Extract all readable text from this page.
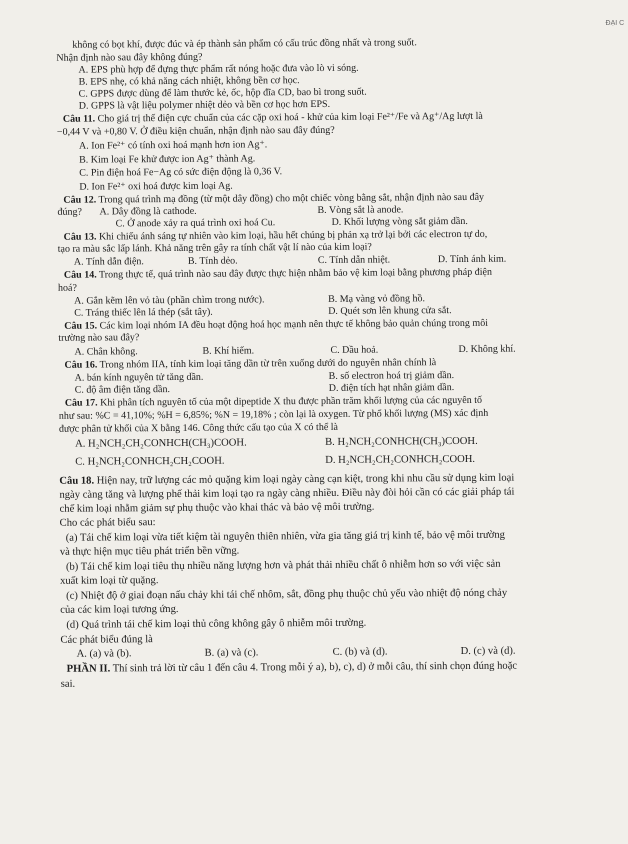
ĐẠI C
không có bọt khí, được đúc và ép thành sản phẩm có cấu trúc đồng nhất và trong suốt.
Nhận định nào sau đây không đúng?
A. EPS phù hợp để đựng thực phẩm rất nóng hoặc đưa vào lò vi sóng.
B. EPS nhẹ, có khả năng cách nhiệt, không bền cơ học.
C. GPPS được dùng để làm thước kẻ, ốc, hộp đĩa CD, bao bì trong suốt.
D. GPPS là vật liệu polymer nhiệt dẻo và bền cơ học hơn EPS.
Câu 11. Cho giá trị thế điện cực chuẩn của các cặp oxi hoá - khử của kim loại Fe²⁺/Fe và Ag⁺/Ag lượt là
−0,44 V và +0,80 V. Ở điều kiện chuẩn, nhận định nào sau đây đúng?
A. Ion Fe²⁺ có tính oxi hoá mạnh hơn ion Ag⁺.
B. Kim loại Fe khử được ion Ag⁺ thành Ag.
C. Pin điện hoá Fe−Ag có sức điện động là 0,36 V.
D. Ion Fe²⁺ oxi hoá được kim loại Ag.
Câu 12. Trong quá trình mạ đồng (từ một dây đồng) cho một chiếc vòng bằng sắt, nhận định nào sau đây
đúng? A. Dây đồng là cathode.	B. Vòng sắt là anode.
C. Ở anode xảy ra quá trình oxi hoá Cu.	D. Khối lượng vòng sắt giảm dần.
Câu 13. Khi chiếu ánh sáng tự nhiên vào kim loại, hầu hết chúng bị phản xạ trở lại bởi các electron tự do,
tạo ra màu sắc lấp lánh. Khả năng trên gây ra tính chất vật lí nào của kim loại?
A. Tính dẫn điện.	B. Tính dẻo.	C. Tính dẫn nhiệt.	D. Tính ánh kim.
Câu 14. Trong thực tế, quá trình nào sau đây được thực hiện nhằm bảo vệ kim loại bằng phương pháp điện
hoá?
A. Gắn kẽm lên vỏ tàu (phần chìm trong nước).	B. Mạ vàng vỏ đồng hồ.
C. Tráng thiếc lên lá thép (sắt tây).	D. Quét sơn lên khung cửa sắt.
Câu 15. Các kim loại nhóm IA đều hoạt động hoá học mạnh nên thực tế không bảo quản chúng trong môi
trường nào sau đây?
A. Chân không.	B. Khí hiếm.	C. Dầu hoả.	D. Không khí.
Câu 16. Trong nhóm IIA, tính kim loại tăng dần từ trên xuống dưới do nguyên nhân chính là
A. bán kính nguyên tử tăng dần.	B. số electron hoá trị giảm dần.
C. độ âm điện tăng dần.	D. điện tích hạt nhân giảm dần.
Câu 17. Khi phân tích nguyên tố của một dipeptide X thu được phần trăm khối lượng của các nguyên tố
như sau: %C = 41,10%; %H = 6,85%; %N = 19,18% ; còn lại là oxygen. Từ phổ khối lượng (MS) xác định
được phân tử khối của X bằng 146. Công thức cấu tạo của X có thể là
A. H₂NCH₂CH₂CONHCH(CH₃)COOH.	B. H₂NCH₂CONHCH(CH₃)COOH.
C. H₂NCH₂CONHCH₂CH₂COOH.	D. H₂NCH₂CH₂CONHCH₂COOH.
Câu 18. Hiện nay, trữ lượng các mỏ quặng kim loại ngày càng cạn kiệt, trong khi nhu cầu sử dụng kim loại
ngày càng tăng và lượng phế thải kim loại tạo ra ngày càng nhiều. Điều này đòi hỏi cần có các giải pháp tái
chế kim loại nhằm giảm sự phụ thuộc vào khai thác và bảo vệ môi trường.
Cho các phát biểu sau:
(a) Tái chế kim loại vừa tiết kiệm tài nguyên thiên nhiên, vừa gia tăng giá trị kinh tế, bảo vệ môi trường
và thực hiện mục tiêu phát triển bền vững.
(b) Tái chế kim loại tiêu thụ nhiều năng lượng hơn và phát thải nhiều chất ô nhiễm hơn so với việc sản
xuất kim loại từ quặng.
(c) Nhiệt độ ở giai đoạn nấu chảy khi tái chế nhôm, sắt, đồng phụ thuộc chủ yếu vào nhiệt độ nóng chảy
của các kim loại tương ứng.
(d) Quá trình tái chế kim loại thủ công không gây ô nhiễm môi trường.
Các phát biểu đúng là
A. (a) và (b).	B. (a) và (c).	C. (b) và (d).	D. (c) và (d).
PHẦN II. Thí sinh trả lời từ câu 1 đến câu 4. Trong mỗi ý a), b), c), d) ở mỗi câu, thí sinh chọn đúng hoặc
sai.
